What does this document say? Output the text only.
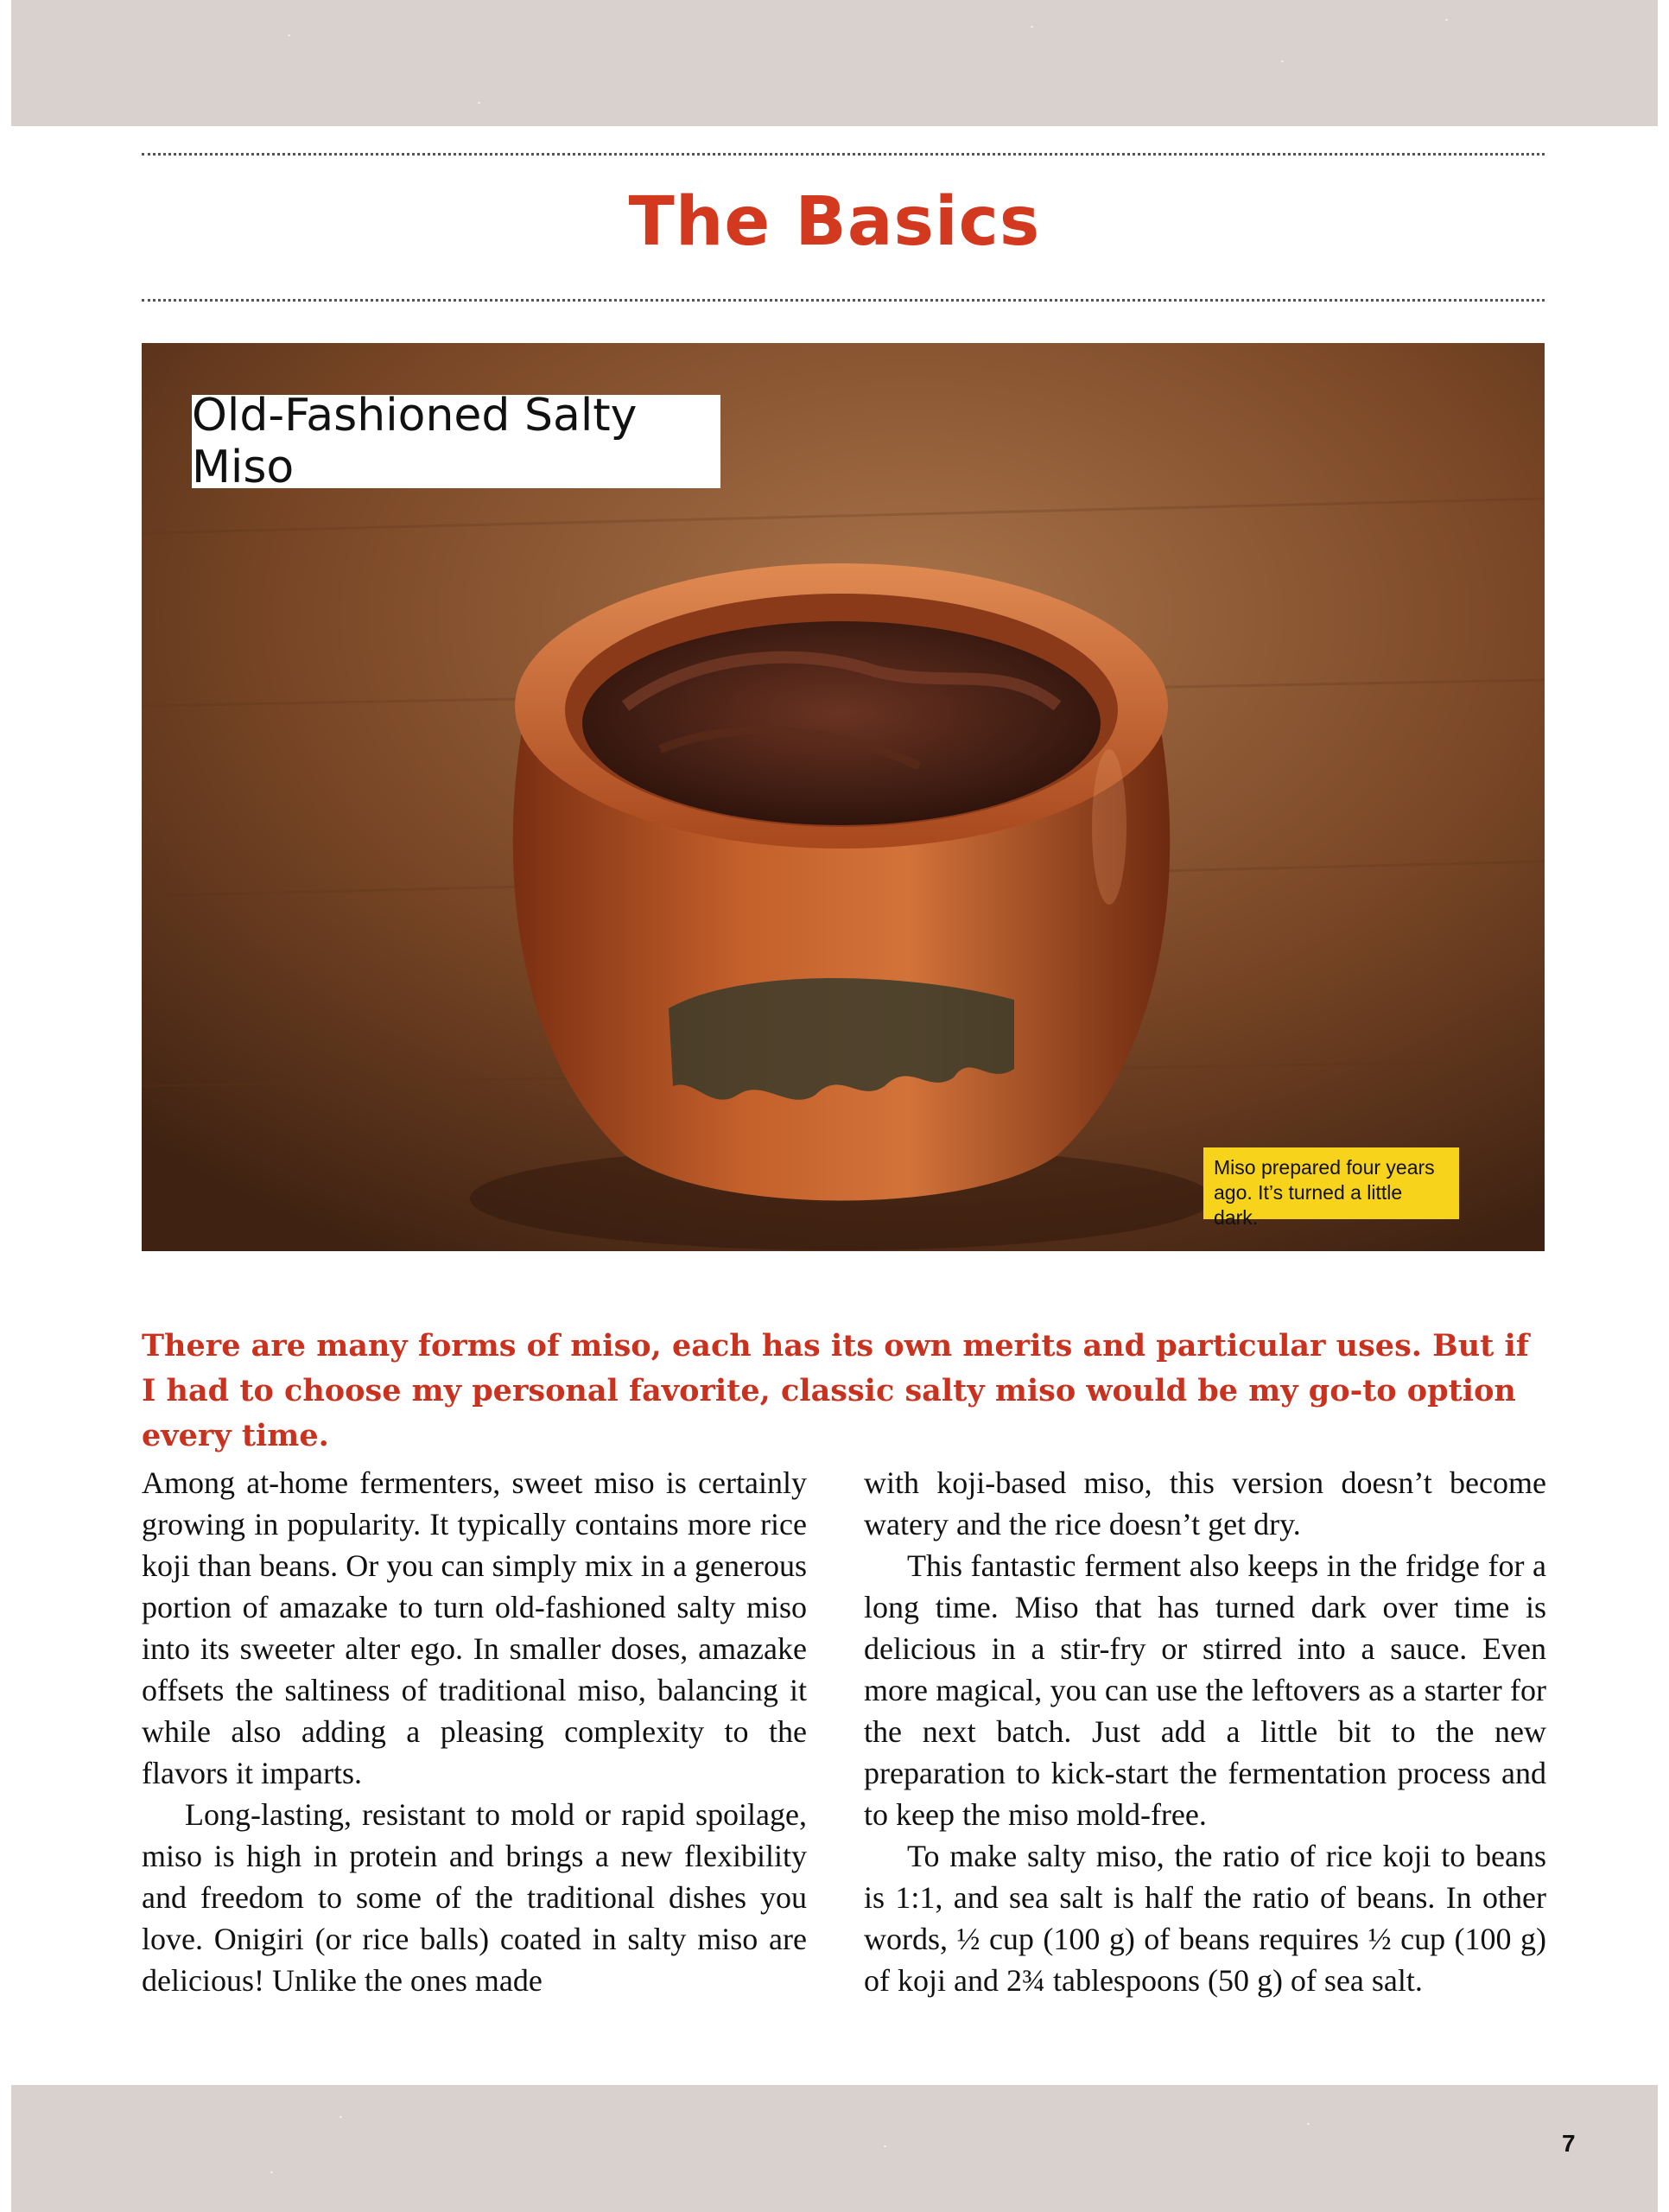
The Basics
Old-Fashioned Salty Miso
Miso prepared four years ago. It’s turned a little dark.
There are many forms of miso, each has its own merits and particular uses. But if I had to choose my personal favorite, classic salty miso would be my go-to option every time.

Among at-home fermenters, sweet miso is certainly growing in popularity. It typically contains more rice koji than beans. Or you can simply mix in a generous portion of amazake to turn old-fashioned salty miso into its sweeter alter ego. In smaller doses, amazake offsets the saltiness of traditional miso, balancing it while also adding a pleasing complexity to the flavors it imparts.

Long-lasting, resistant to mold or rapid spoilage, miso is high in protein and brings a new flexibility and freedom to some of the traditional dishes you love. Onigiri (or rice balls) coated in salty miso are delicious! Unlike the ones made

with koji-based miso, this version doesn’t become watery and the rice doesn’t get dry.

This fantastic ferment also keeps in the fridge for a long time. Miso that has turned dark over time is delicious in a stir-fry or stirred into a sauce. Even more magical, you can use the leftovers as a starter for the next batch. Just add a little bit to the new preparation to kick-start the fermentation process and to keep the miso mold-free.

To make salty miso, the ratio of rice koji to beans is 1:1, and sea salt is half the ratio of beans. In other words, ½ cup (100 g) of beans requires ½ cup (100 g) of koji and 2¾ tablespoons (50 g) of sea salt.

7
